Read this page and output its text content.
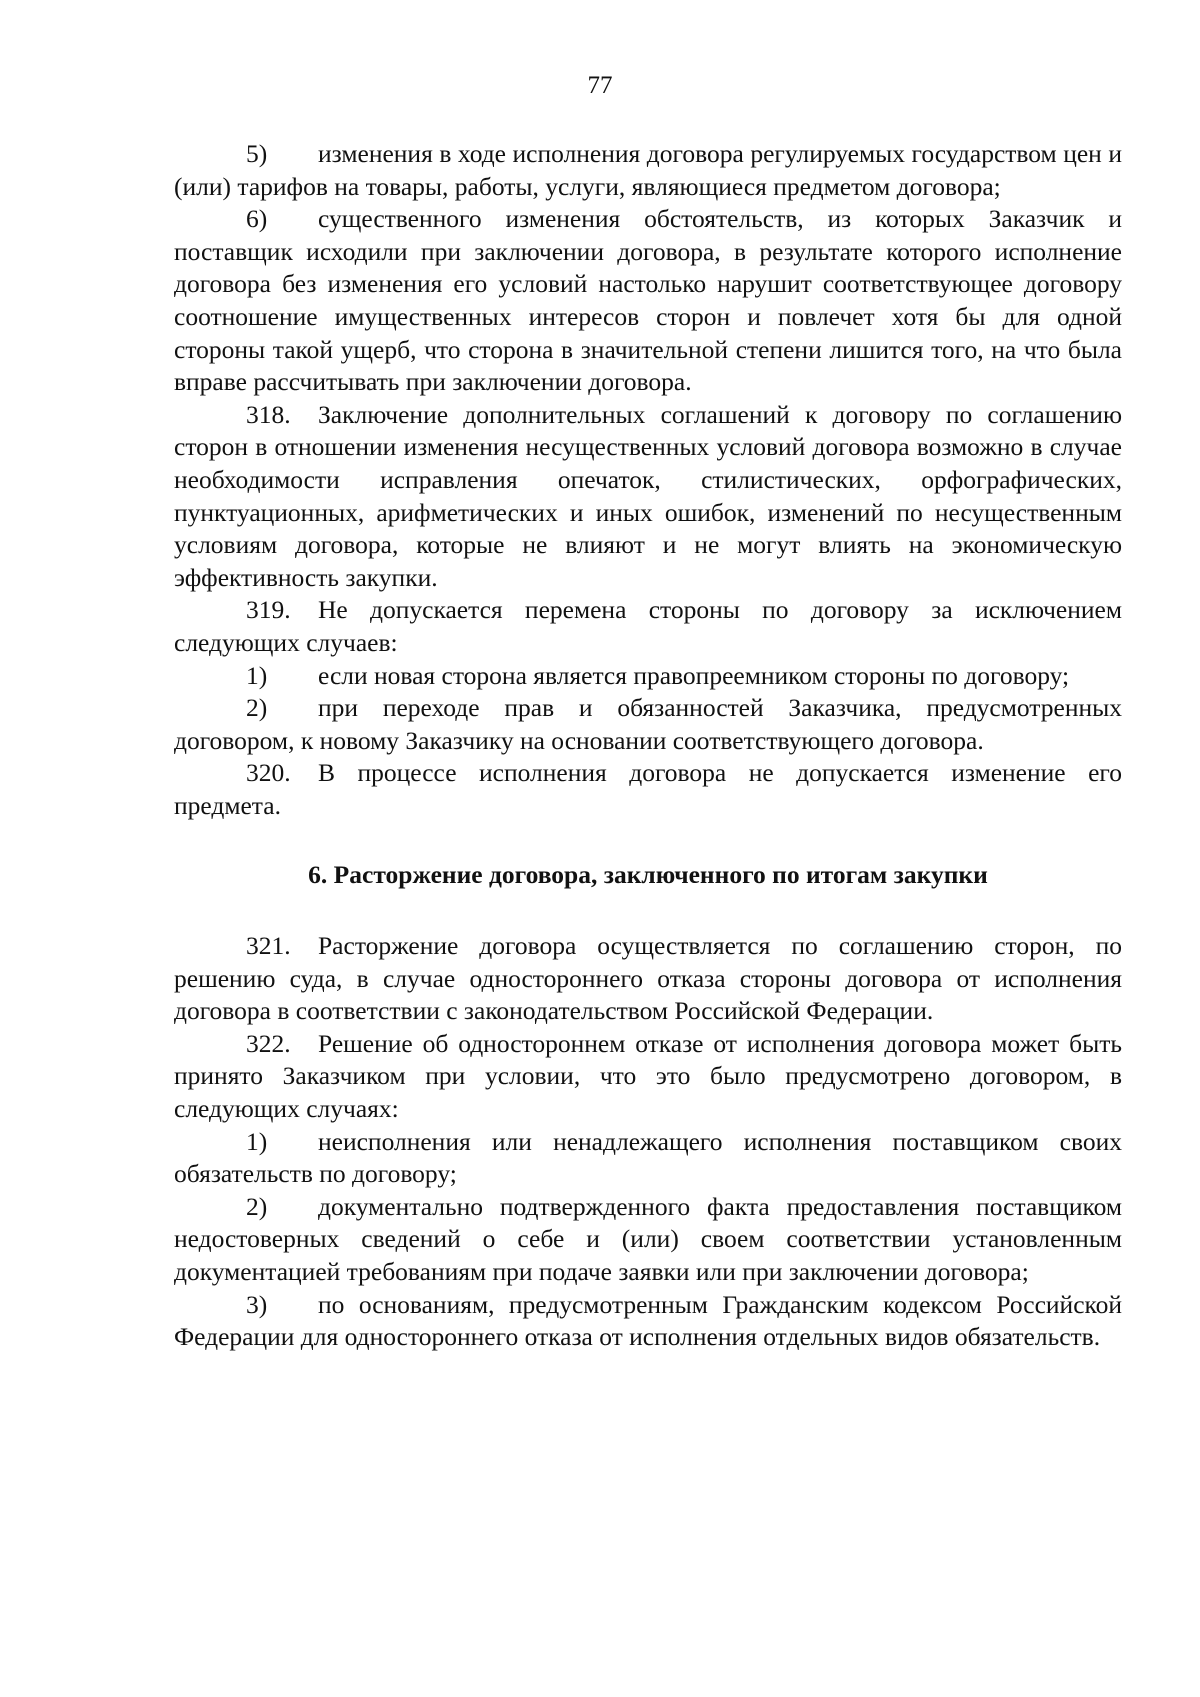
77

5) изменения в ходе исполнения договора регулируемых государством цен и (или) тарифов на товары, работы, услуги, являющиеся предметом договора;

6) существенного изменения обстоятельств, из которых Заказчик и поставщик исходили при заключении договора, в результате которого исполнение договора без изменения его условий настолько нарушит соответствующее договору соотношение имущественных интересов сторон и повлечет хотя бы для одной стороны такой ущерб, что сторона в значительной степени лишится того, на что была вправе рассчитывать при заключении договора.

318. Заключение дополнительных соглашений к договору по соглашению сторон в отношении изменения несущественных условий договора возможно в случае необходимости исправления опечаток, стилистических, орфографических, пунктуационных, арифметических и иных ошибок, изменений по несущественным условиям договора, которые не влияют и не могут влиять на экономическую эффективность закупки.

319. Не допускается перемена стороны по договору за исключением следующих случаев:

1) если новая сторона является правопреемником стороны по договору;

2) при переходе прав и обязанностей Заказчика, предусмотренных договором, к новому Заказчику на основании соответствующего договора.

320. В процессе исполнения договора не допускается изменение его предмета.

6. Расторжение договора, заключенного по итогам закупки

321. Расторжение договора осуществляется по соглашению сторон, по решению суда, в случае одностороннего отказа стороны договора от исполнения договора в соответствии с законодательством Российской Федерации.

322. Решение об одностороннем отказе от исполнения договора может быть принято Заказчиком при условии, что это было предусмотрено договором, в следующих случаях:

1) неисполнения или ненадлежащего исполнения поставщиком своих обязательств по договору;

2) документально подтвержденного факта предоставления поставщиком недостоверных сведений о себе и (или) своем соответствии установленным документацией требованиям при подаче заявки или при заключении договора;

3) по основаниям, предусмотренным Гражданским кодексом Российской Федерации для одностороннего отказа от исполнения отдельных видов обязательств.
